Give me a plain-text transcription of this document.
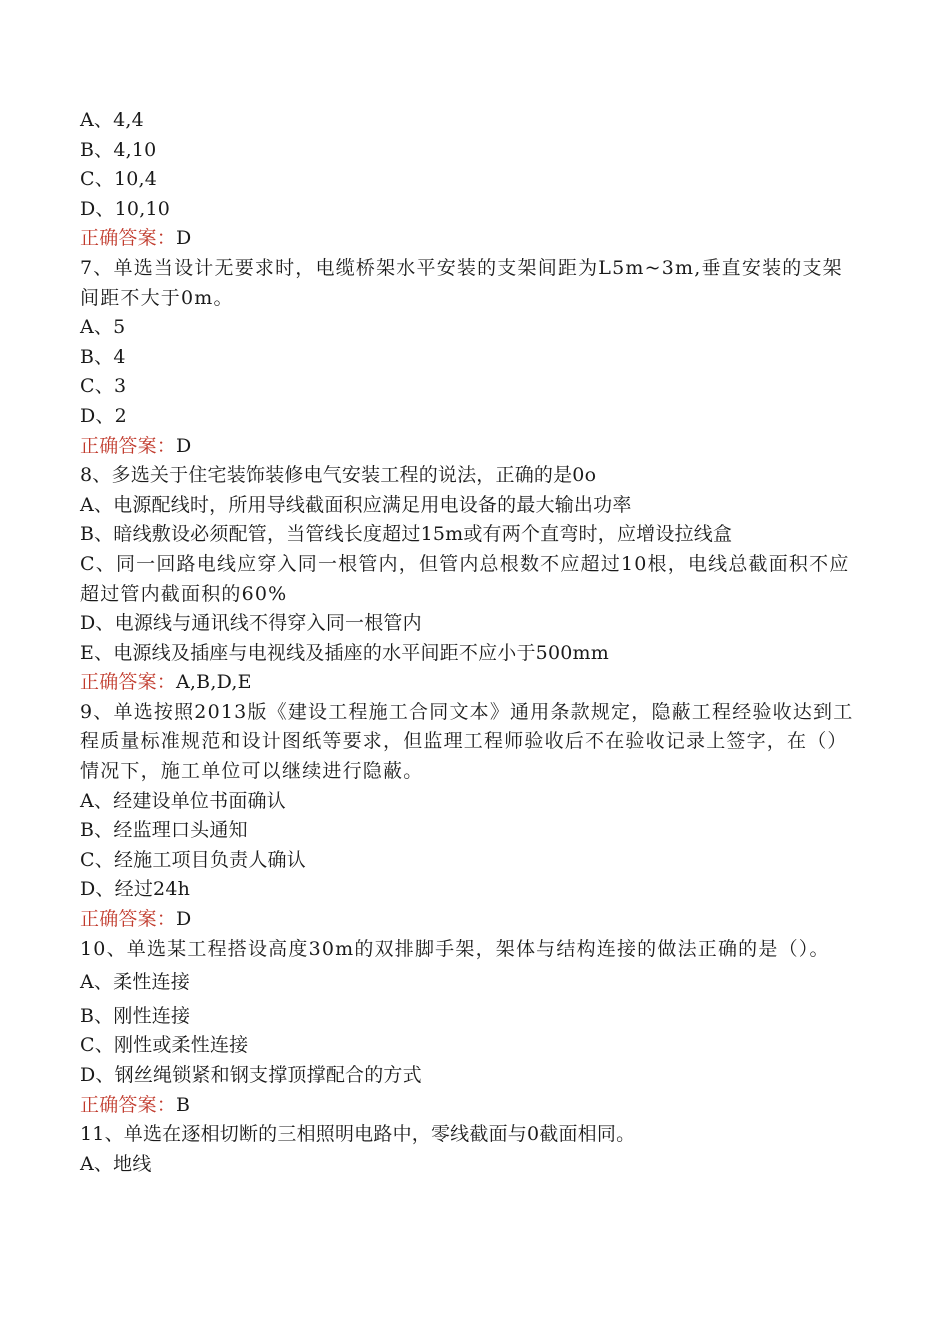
A、4,4
B、4,10
C、10,4
D、10,10
正确答案：D
7、单选当设计无要求时，电缆桥架水平安装的支架间距为L5m~3m,垂直安装的支架间距不大于0m。
A、5
B、4
C、3
D、2
正确答案：D
8、多选关于住宅装饰装修电气安装工程的说法，正确的是0o
A、电源配线时，所用导线截面积应满足用电设备的最大输出功率
B、暗线敷设必须配管，当管线长度超过15m或有两个直弯时，应增设拉线盒
C、同一回路电线应穿入同一根管内，但管内总根数不应超过10根，电线总截面积不应超过管内截面积的60%
D、电源线与通讯线不得穿入同一根管内
E、电源线及插座与电视线及插座的水平间距不应小于500mm
正确答案：A,B,D,E
9、单选按照2013版《建设工程施工合同文本》通用条款规定，隐蔽工程经验收达到工程质量标准规范和设计图纸等要求，但监理工程师验收后不在验收记录上签字，在（）情况下，施工单位可以继续进行隐蔽。
A、经建设单位书面确认
B、经监理口头通知
C、经施工项目负责人确认
D、经过24h
正确答案：D
10、单选某工程搭设高度30m的双排脚手架，架体与结构连接的做法正确的是（）。
A、柔性连接
B、刚性连接
C、刚性或柔性连接
D、钢丝绳锁紧和钢支撑顶撑配合的方式
正确答案：B
11、单选在逐相切断的三相照明电路中，零线截面与0截面相同。
A、地线
